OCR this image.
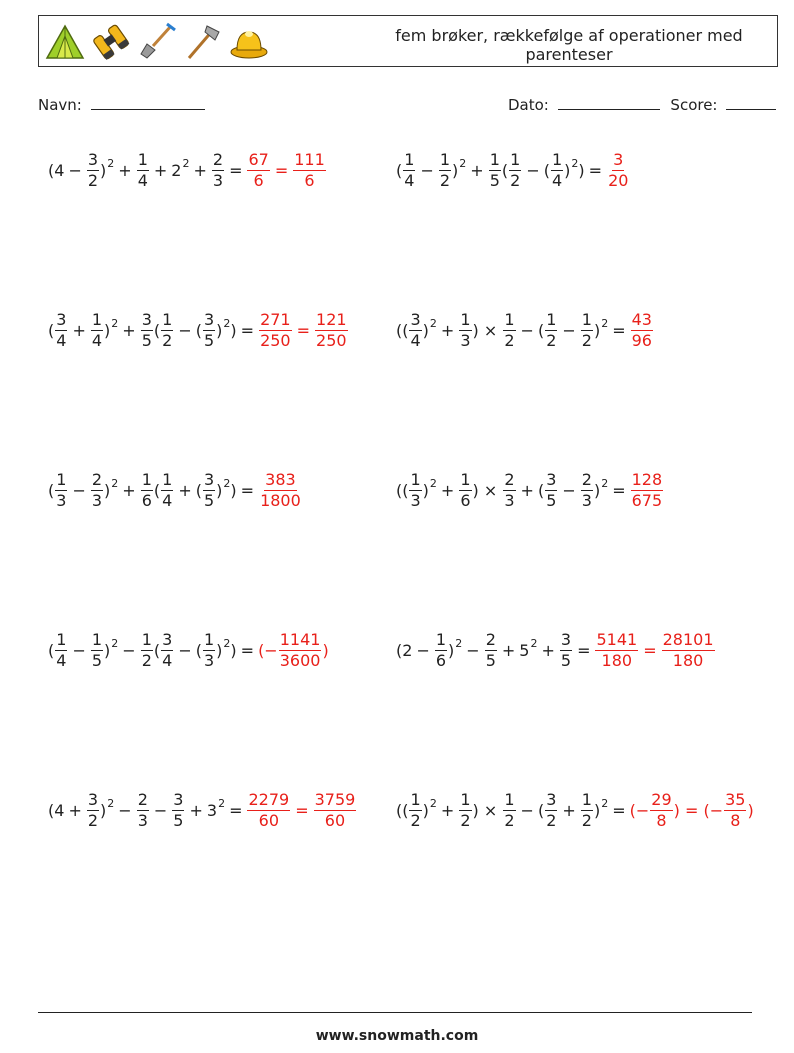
fem brøker, rækkefølge af operationer med parenteser
Navn:	Dato:	Score:
( $4 - \frac{3}{2}$ ) $2 + \frac{1}{4} + 2$ $2 + \frac{2}{3} = \frac{67}{6} = \frac{111}{6}$	( $\frac{1}{4} - \frac{1}{2}$ ) $2 + \frac{1}{5}$ ( $\frac{1}{2}$ − ( $\frac{1}{4}$ ) 2 ) = $\frac{3}{20}$
( $\frac{3}{4} + \frac{1}{4}$ ) $2 + \frac{3}{5}$ ( $\frac{1}{2}$ − ( $\frac{3}{5}$ ) 2 ) = $\frac{271}{250} = \frac{121}{250}$	(( $\frac{3}{4}$ ) $2 + \frac{1}{3}$ ) × $\frac{1}{2}$ − ( $\frac{1}{2} - \frac{1}{2}$ ) $2 = \frac{43}{96}$
( $\frac{1}{3} - \frac{2}{3}$ ) $2 + \frac{1}{6}$ ( $\frac{1}{4}$ + ( $\frac{3}{5}$ ) 2 ) = $\frac{383}{1800}$	(( $\frac{1}{3}$ ) $2 + \frac{1}{6}$ ) × $\frac{2}{3}$ + ( $\frac{3}{5} - \frac{2}{3}$ ) $2 = \frac{128}{675}$
( $\frac{1}{4} - \frac{1}{5}$ ) $2 - \frac{1}{2}$ ( $\frac{3}{4}$ − ( $\frac{1}{3}$ ) 2 ) = (− $\frac{1141}{3600}$ )	( $2 - \frac{1}{6}$ ) $2 - \frac{2}{5} + 5$ $2 + \frac{3}{5} = \frac{5141}{180} = \frac{28101}{180}$
( $4 + \frac{3}{2}$ ) $2 - \frac{2}{3} - \frac{3}{5} + 3$ $2 = \frac{2279}{60} = \frac{3759}{60}$ (( $\frac{1}{2}$ ) $2 + \frac{1}{2}$ ) × $\frac{1}{2}$ − ( $\frac{3}{2} + \frac{1}{2}$ ) 2 = (− $\frac{29}{8}$ ) = (− $\frac{35}{8}$ )
www.snowmath.com
